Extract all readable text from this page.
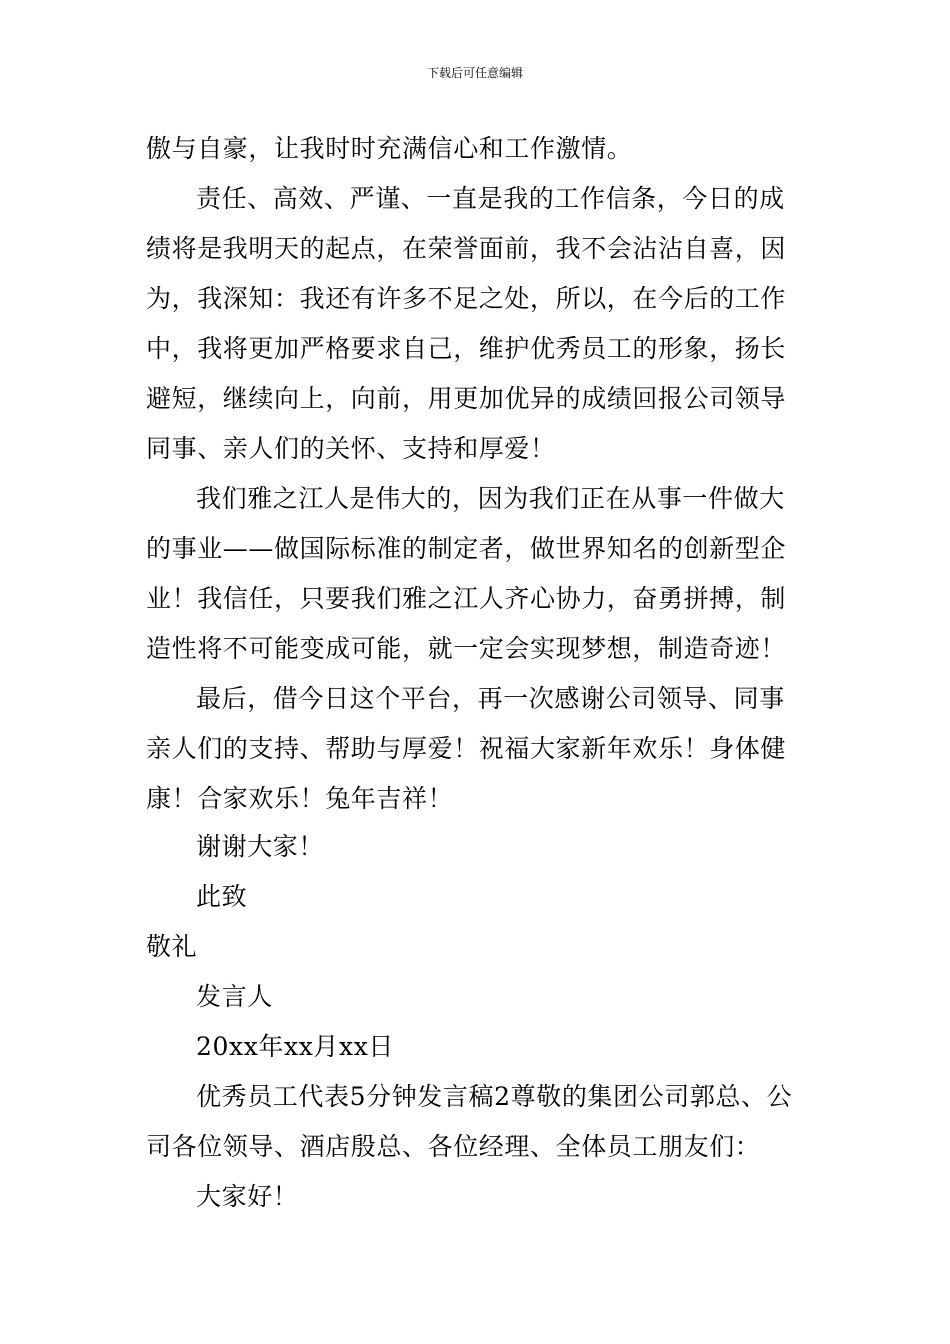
下载后可任意编辑
傲与自豪，让我时时充满信心和工作激情。
责任、高效、严谨、一直是我的工作信条，今日的成
绩将是我明天的起点，在荣誉面前，我不会沾沾自喜，因
为，我深知：我还有许多不足之处，所以，在今后的工作
中，我将更加严格要求自己，维护优秀员工的形象，扬长
避短，继续向上，向前，用更加优异的成绩回报公司领导
同事、亲人们的关怀、支持和厚爱！
我们雅之江人是伟大的，因为我们正在从事一件做大
的事业——做国际标准的制定者，做世界知名的创新型企
业！我信任，只要我们雅之江人齐心协力，奋勇拼搏，制
造性将不可能变成可能，就一定会实现梦想，制造奇迹！
最后，借今日这个平台，再一次感谢公司领导、同事
亲人们的支持、帮助与厚爱！祝福大家新年欢乐！身体健
康！合家欢乐！兔年吉祥！
谢谢大家！
此致
敬礼
发言人
20xx年xx月xx日
优秀员工代表5分钟发言稿2尊敬的集团公司郭总、公
司各位领导、酒店殷总、各位经理、全体员工朋友们：
大家好！
